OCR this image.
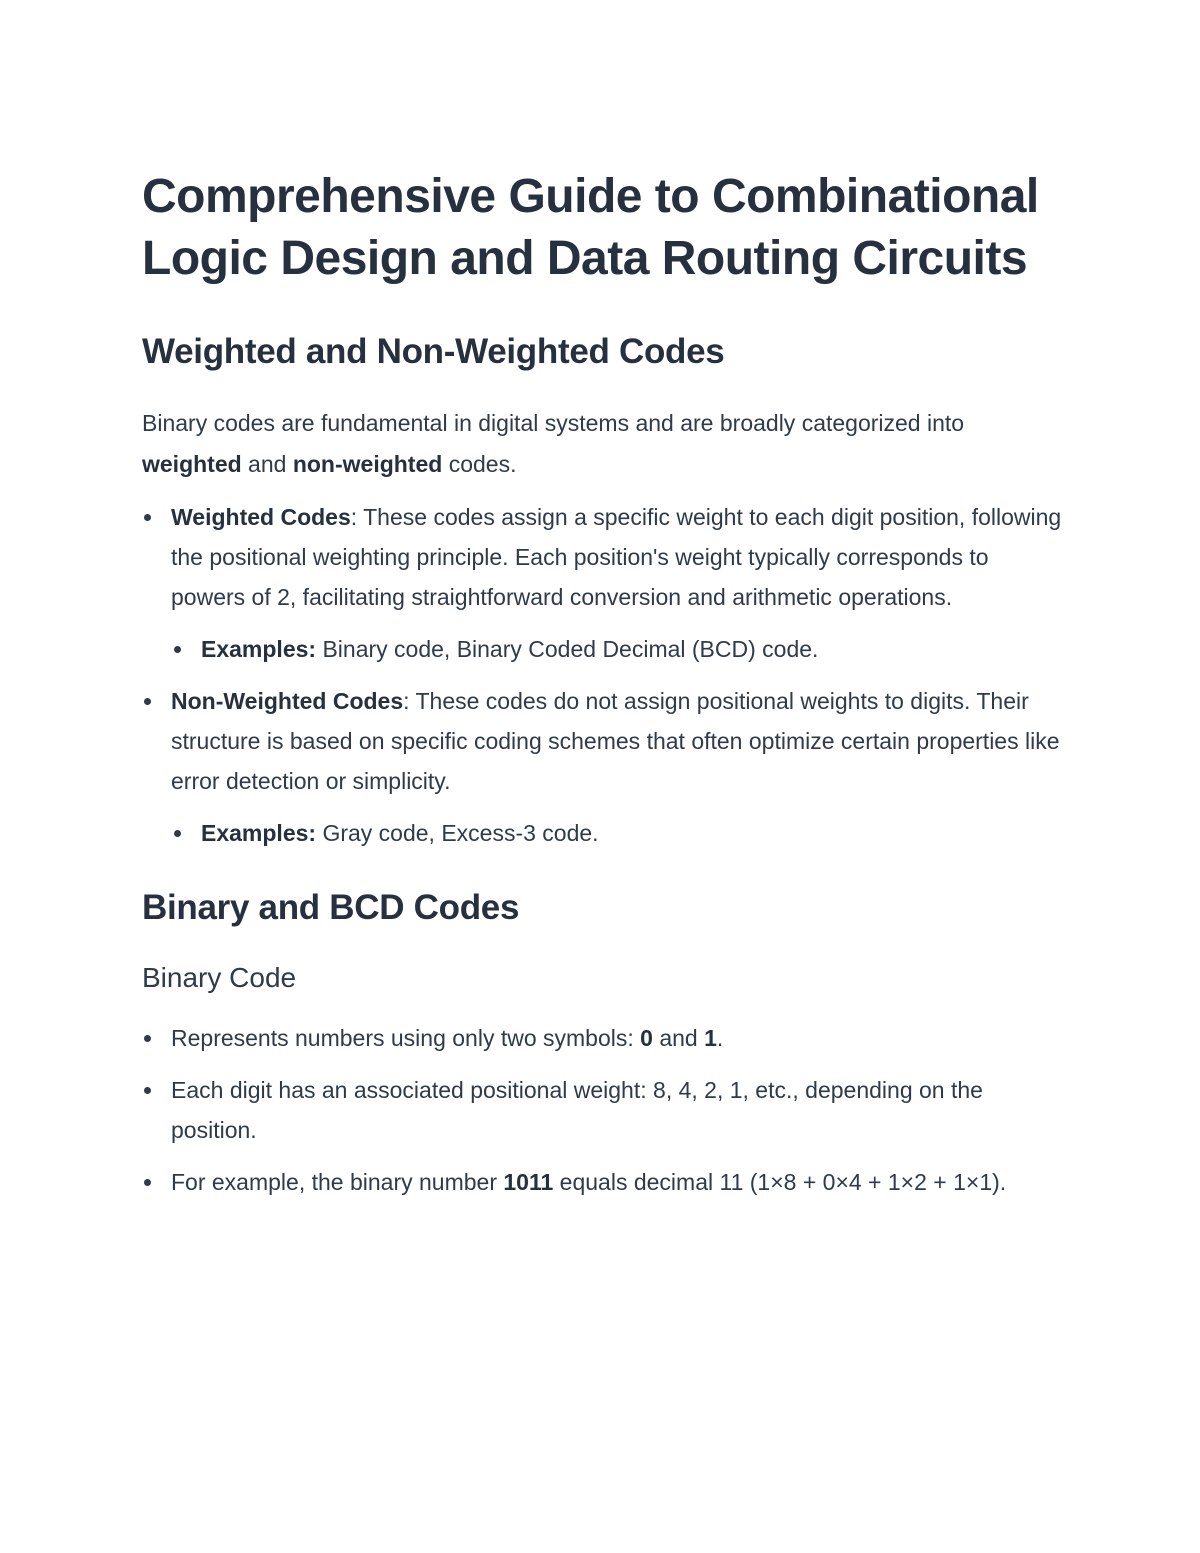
Comprehensive Guide to Combinational Logic Design and Data Routing Circuits
Weighted and Non-Weighted Codes

Binary codes are fundamental in digital systems and are broadly categorized into weighted and non-weighted codes.

Weighted Codes: These codes assign a specific weight to each digit position, following the positional weighting principle. Each position's weight typically corresponds to powers of 2, facilitating straightforward conversion and arithmetic operations.
Examples: Binary code, Binary Coded Decimal (BCD) code.
Non-Weighted Codes: These codes do not assign positional weights to digits. Their structure is based on specific coding schemes that often optimize certain properties like error detection or simplicity.
Examples: Gray code, Excess-3 code.
Binary and BCD Codes
Binary Code
Represents numbers using only two symbols: 0 and 1.
Each digit has an associated positional weight: 8, 4, 2, 1, etc., depending on the position.
For example, the binary number 1011 equals decimal 11 (1×8 + 0×4 + 1×2 + 1×1).
